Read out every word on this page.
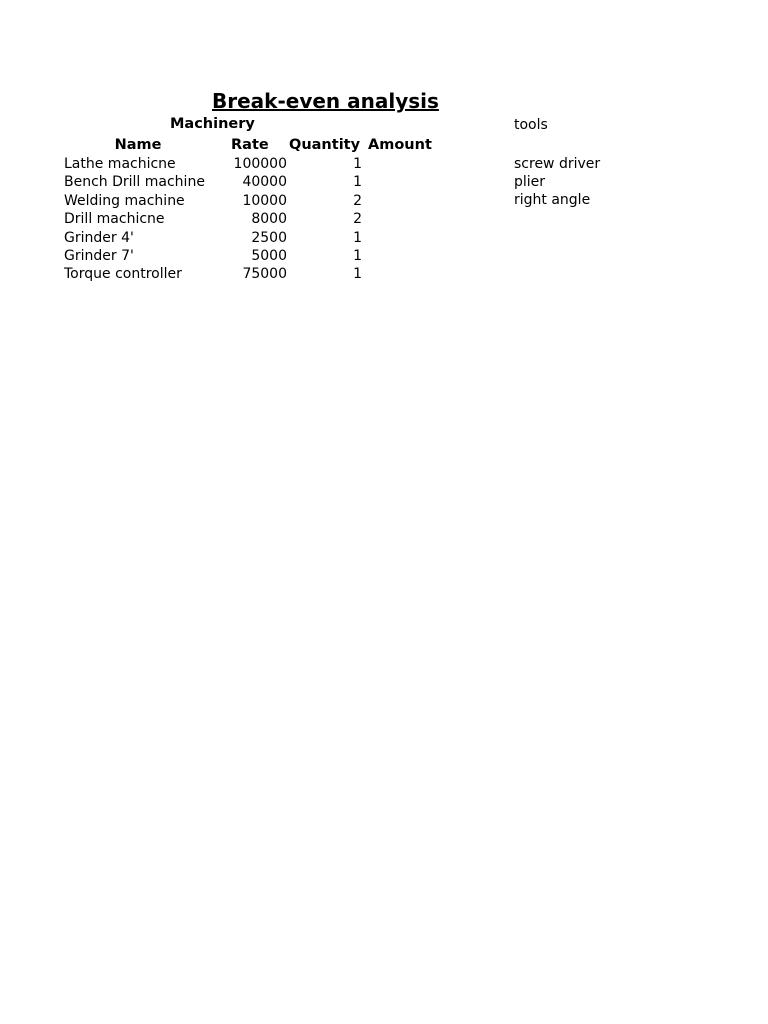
Break-even analysis
Machinery	tools
Name	Rate Quantity Amount
Lathe machicne	100000	1
Bench Drill machine	40000	1
Welding machine	10000	2
Drill machicne	8000	2
Grinder 4'	2500	1
Grinder 7'	5000	1
Torque controller	75000	1
screw driver
plier
right angle
